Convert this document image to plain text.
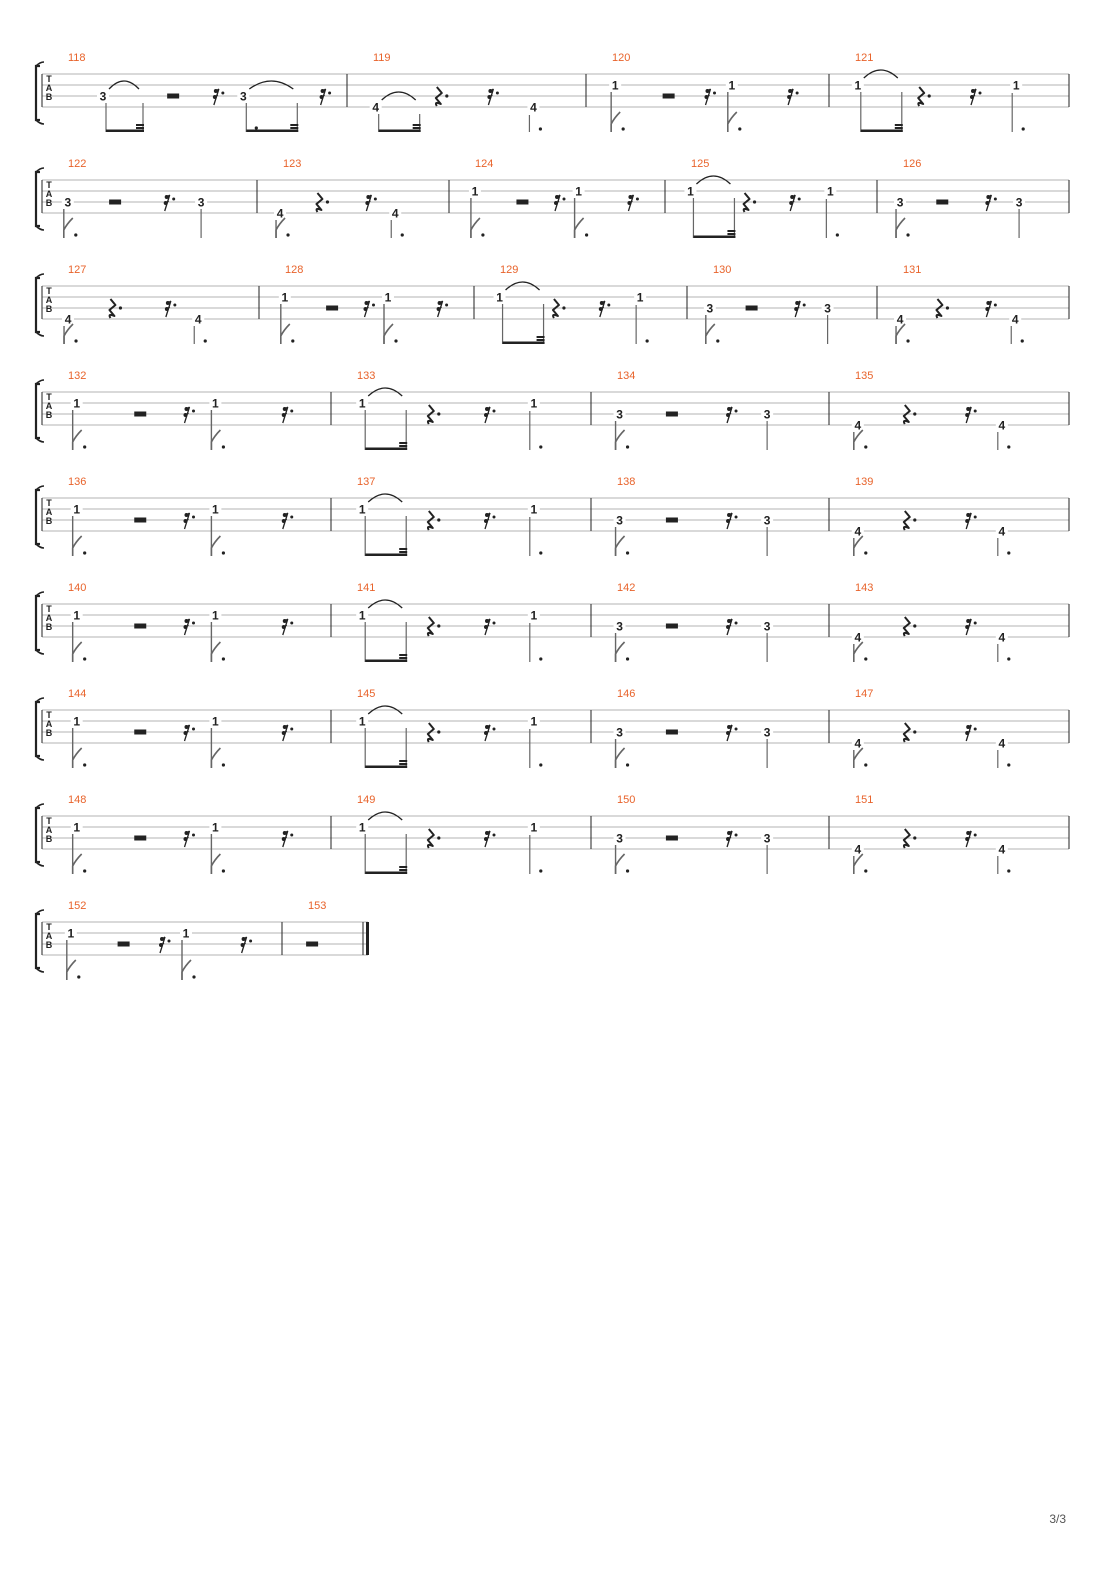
T
A
B
118
3	3
119
4	4
120
1	1
121
1	1
T
A
B
122
3	3
123
4	4
124
1	1
125
1	1
126
3	3
T
A
B
127
4	4
128
1	1
129
1	1
130
3	3
131
4	4
T
A
B
132
1	1
133
1	1
134
3	3
135
4	4
T
A
B
136
1	1
137
1	1
138
3	3
139
4	4
T
A
B
140
1	1
141
1	1
142
3	3
143
4	4
T
A
B
144
1	1
145
1	1
146
3	3
147
4	4
T
A
B
148
1	1
149
1	1
150
3	3
151
4	4
T
A
B
152
1	1
153
3/3
